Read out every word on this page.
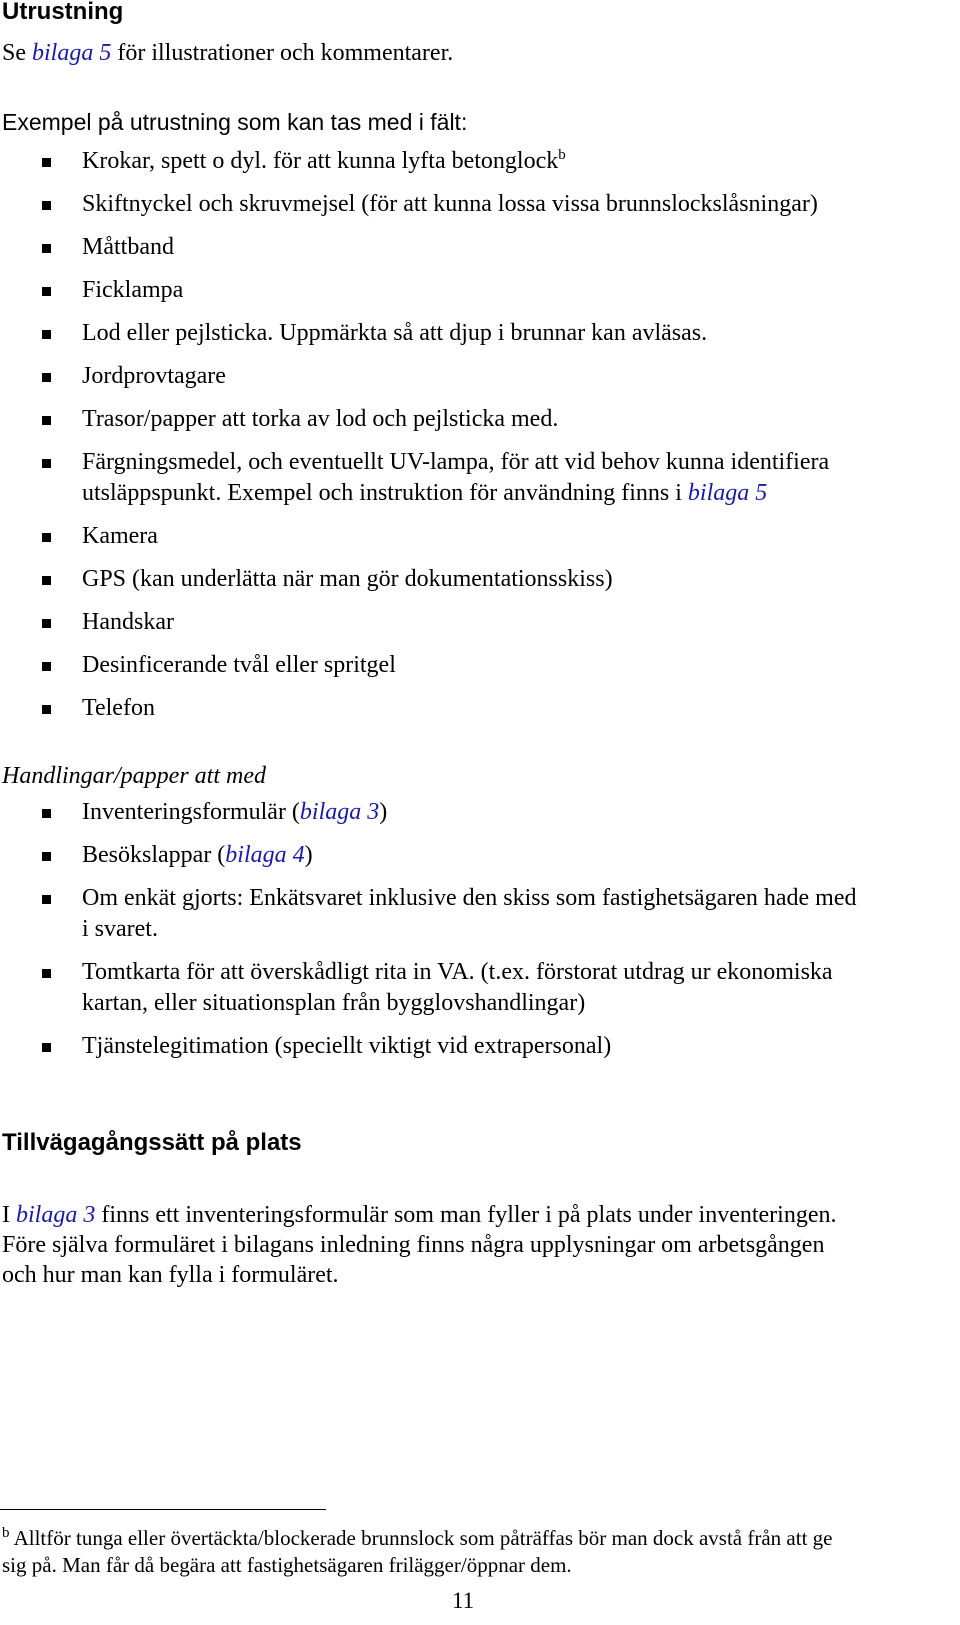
Utrustning
Se bilaga 5 för illustrationer och kommentarer.
Exempel på utrustning som kan tas med i fält:
Krokar, spett o dyl. för att kunna lyfta betonglock$^b$
Skiftnyckel och skruvmejsel (för att kunna lossa vissa brunnslockslåsningar)
Måttband
Ficklampa
Lod eller pejlsticka. Uppmärkta så att djup i brunnar kan avläsas.
Jordprovtagare
Trasor/papper att torka av lod och pejlsticka med.
Färgningsmedel, och eventuellt UV-lampa, för att vid behov kunna identifiera
utsläppspunkt. Exempel och instruktion för användning finns i bilaga 5
Kamera
GPS (kan underlätta när man gör dokumentationsskiss)
Handskar
Desinficerande tvål eller spritgel
Telefon
Handlingar/papper att med
Inventeringsformulär (bilaga 3)
Besökslappar (bilaga 4)
Om enkät gjorts: Enkätsvaret inklusive den skiss som fastighetsägaren hade med
i svaret.
Tomtkarta för att överskådligt rita in VA. (t.ex. förstorat utdrag ur ekonomiska
kartan, eller situationsplan från bygglovshandlingar)
Tjänstelegitimation (speciellt viktigt vid extrapersonal)
Tillvägagångssätt på plats
I bilaga 3 finns ett inventeringsformulär som man fyller i på plats under inventeringen.
Före själva formuläret i bilagans inledning finns några upplysningar om arbetsgången
och hur man kan fylla i formuläret.
$^b$ Alltför tunga eller övertäckta/blockerade brunnslock som påträffas bör man dock avstå från att ge
sig på. Man får då begära att fastighetsägaren frilägger/öppnar dem.
11
